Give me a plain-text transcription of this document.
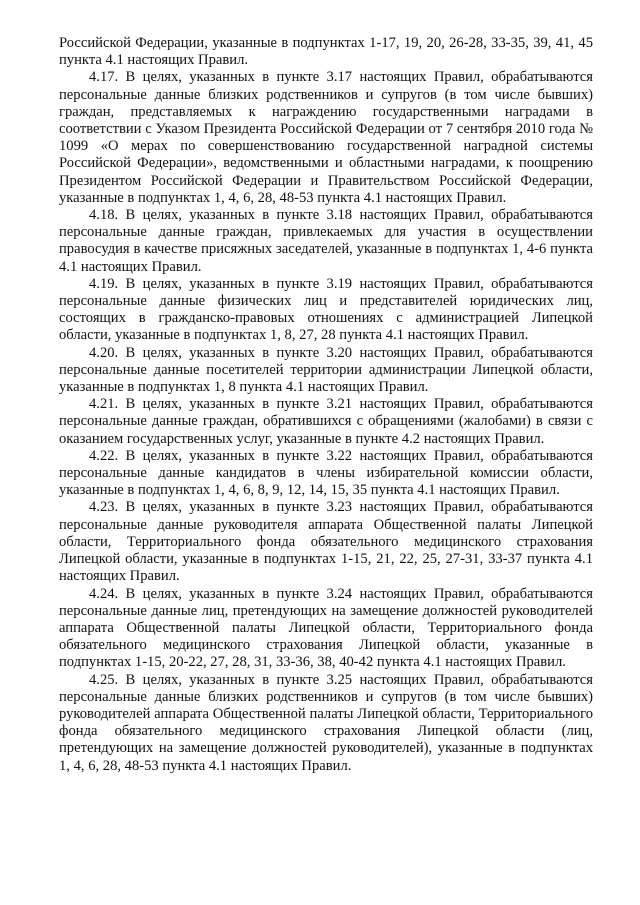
Российской Федерации, указанные в подпунктах 1-17, 19, 20, 26-28, 33-35, 39, 41, 45 пункта 4.1 настоящих Правил.

4.17. В целях, указанных в пункте 3.17 настоящих Правил, обрабатываются персональные данные близких родственников и супругов (в том числе бывших) граждан, представляемых к награждению государственными наградами в соответствии с Указом Президента Российской Федерации от 7 сентября 2010 года № 1099 «О мерах по совершенствованию государственной наградной системы Российской Федерации», ведомственными и областными наградами, к поощрению Президентом Российской Федерации и Правительством Российской Федерации, указанные в подпунктах 1, 4, 6, 28, 48-53 пункта 4.1 настоящих Правил.

4.18. В целях, указанных в пункте 3.18 настоящих Правил, обрабатываются персональные данные граждан, привлекаемых для участия в осуществлении правосудия в качестве присяжных заседателей, указанные в подпунктах 1, 4-6 пункта 4.1 настоящих Правил.

4.19. В целях, указанных в пункте 3.19 настоящих Правил, обрабатываются персональные данные физических лиц и представителей юридических лиц, состоящих в гражданско-правовых отношениях с администрацией Липецкой области, указанные в подпунктах 1, 8, 27, 28 пункта 4.1 настоящих Правил.

4.20. В целях, указанных в пункте 3.20 настоящих Правил, обрабатываются персональные данные посетителей территории администрации Липецкой области, указанные в подпунктах 1, 8 пункта 4.1 настоящих Правил.

4.21. В целях, указанных в пункте 3.21 настоящих Правил, обрабатываются персональные данные граждан, обратившихся с обращениями (жалобами) в связи с оказанием государственных услуг, указанные в пункте 4.2 настоящих Правил.

4.22. В целях, указанных в пункте 3.22 настоящих Правил, обрабатываются персональные данные кандидатов в члены избирательной комиссии области, указанные в подпунктах 1, 4, 6, 8, 9, 12, 14, 15, 35 пункта 4.1 настоящих Правил.

4.23. В целях, указанных в пункте 3.23 настоящих Правил, обрабатываются персональные данные руководителя аппарата Общественной палаты Липецкой области, Территориального фонда обязательного медицинского страхования Липецкой области, указанные в подпунктах 1-15, 21, 22, 25, 27-31, 33-37 пункта 4.1 настоящих Правил.

4.24. В целях, указанных в пункте 3.24 настоящих Правил, обрабатываются персональные данные лиц, претендующих на замещение должностей руководителей аппарата Общественной палаты Липецкой области, Территориального фонда обязательного медицинского страхования Липецкой области, указанные в подпунктах 1-15, 20-22, 27, 28, 31, 33-36, 38, 40-42 пункта 4.1 настоящих Правил.

4.25. В целях, указанных в пункте 3.25 настоящих Правил, обрабатываются персональные данные близких родственников и супругов (в том числе бывших) руководителей аппарата Общественной палаты Липецкой области, Территориального фонда обязательного медицинского страхования Липецкой области (лиц, претендующих на замещение должностей руководителей), указанные в подпунктах 1, 4, 6, 28, 48-53 пункта 4.1 настоящих Правил.
